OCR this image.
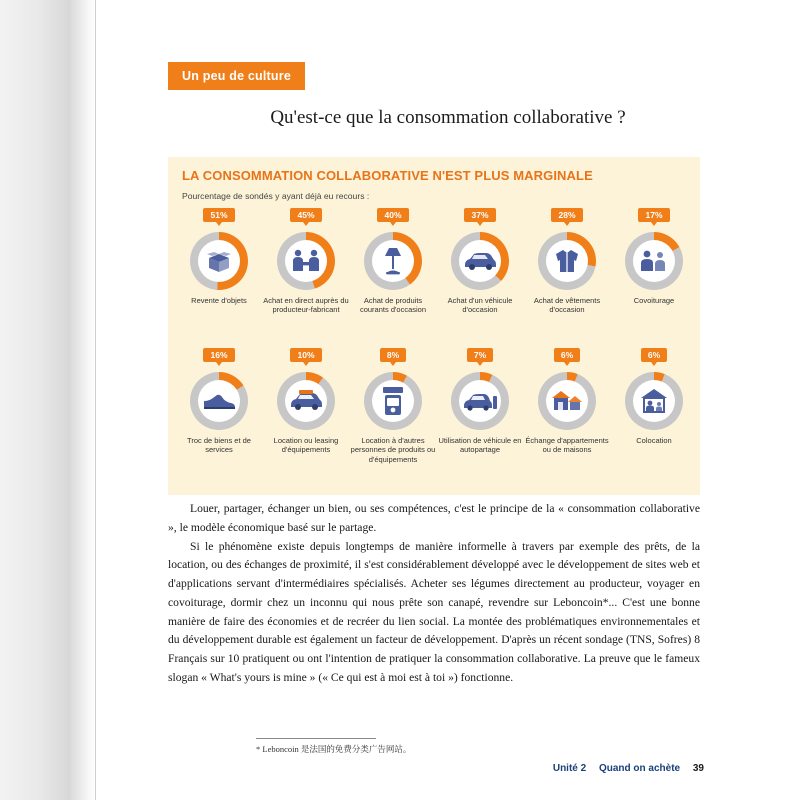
Un peu de culture
Qu'est-ce que la consommation collaborative ?
LA CONSOMMATION COLLABORATIVE N'EST PLUS MARGINALE
Pourcentage de sondés y ayant déjà eu recours :
51%
Revente d'objets
45%
Achat en direct auprès du producteur-fabricant
40%
Achat de produits courants d'occasion
37%
Achat d'un véhicule d'occasion
28%
Achat de vêtements d'occasion
17%
Covoiturage
16%
Troc de biens et de services
10%
Location ou leasing d'équipements
8%
Location à d'autres personnes de produits ou d'équipements
7%
Utilisation de véhicule en autopartage
6%
Échange d'appartements ou de maisons
6%
Colocation

Louer, partager, échanger un bien, ou ses compétences, c'est le principe de la « consommation collaborative », le modèle économique basé sur le partage.

Si le phénomène existe depuis longtemps de manière informelle à travers par exemple des prêts, de la location, ou des échanges de proximité, il s'est considérablement développé avec le développement de sites web et d'applications servant d'intermédiaires spécialisés. Acheter ses légumes directement au producteur, voyager en covoiturage, dormir chez un inconnu qui nous prête son canapé, revendre sur Leboncoin*... C'est une bonne manière de faire des économies et de recréer du lien social. La montée des problématiques environnementales et du développement durable est également un facteur de développement. D'après un récent sondage (TNS, Sofres) 8 Français sur 10 pratiquent ou ont l'intention de pratiquer la consommation collaborative. La preuve que le fameux slogan « What's yours is mine » (« Ce qui est à moi est à toi ») fonctionne.

* Leboncoin 是法国的免费分类广告网站。
Unité 2 Quand on achète 39
